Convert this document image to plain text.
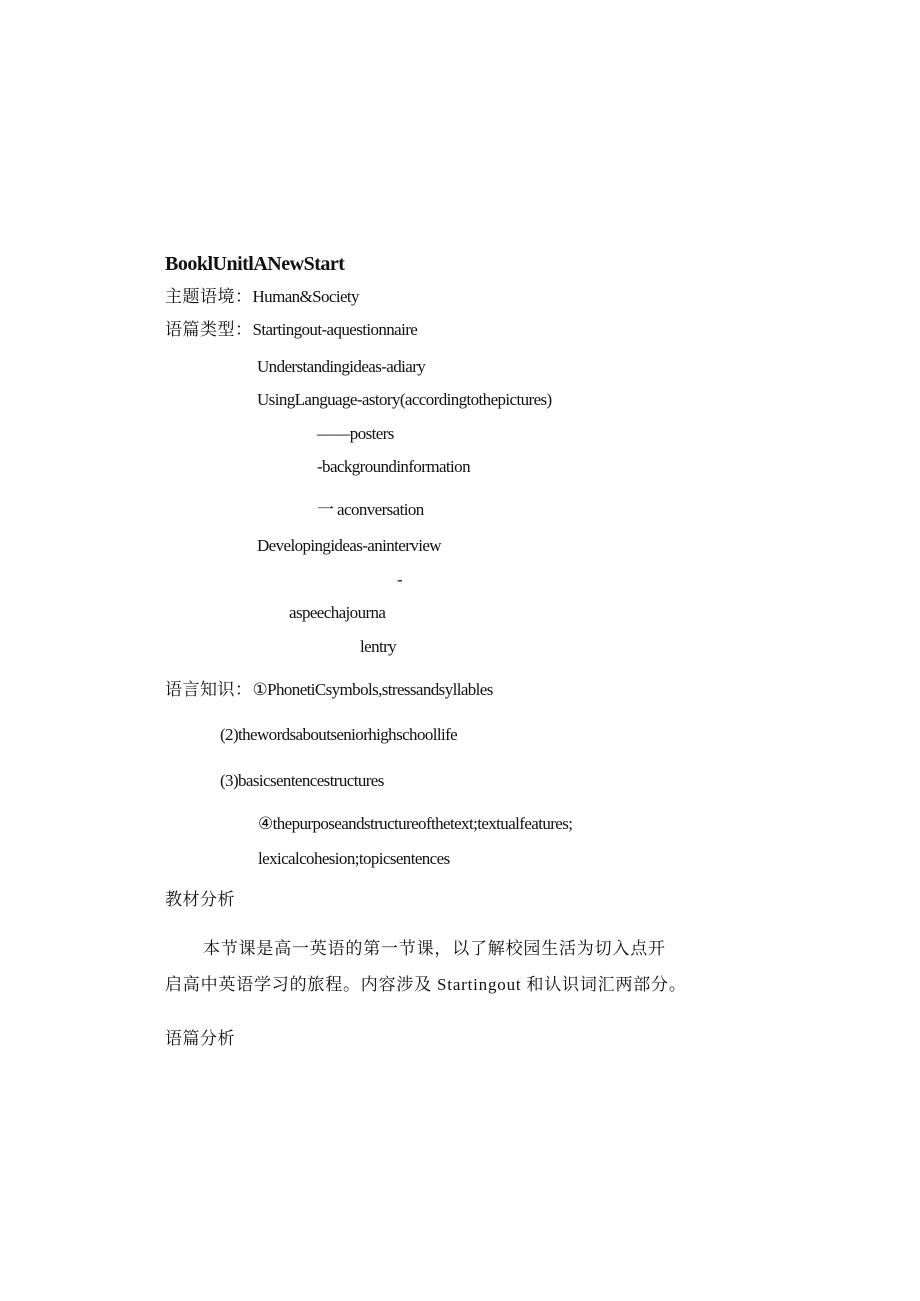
BooklUnitlANewStart
主题语境：Human&Society
语篇类型：Startingout-aquestionnaire
Understandingideas-adiary
UsingLanguage-astory(accordingtothepictures)
——posters
-backgroundinformation
一 aconversation
Developingideas-aninterview
-
aspeechajourna
lentry
语言知识：①PhonetiCsymbols,stressandsyllables
(2)thewordsaboutseniorhighschoollife
(3)basicsentencestructures
④thepurposeandstructureofthetext;textualfeatures;
lexicalcohesion;topicsentences
教材分析
本节课是高一英语的第一节课，以了解校园生活为切入点开
启高中英语学习的旅程。内容涉及 Startingout 和认识词汇两部分。
语篇分析
